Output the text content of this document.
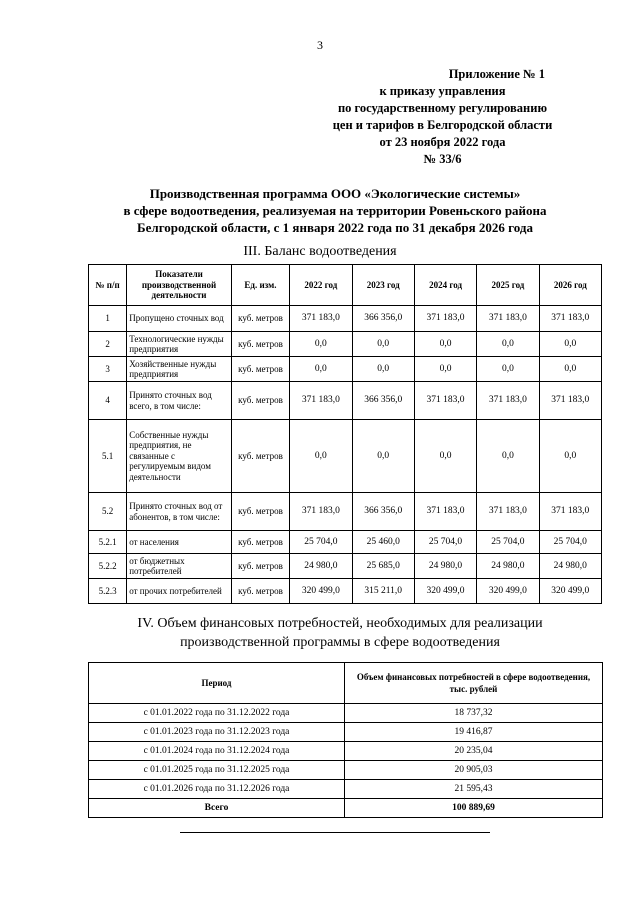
3
Приложение № 1
к приказу управления
по государственному регулированию
цен и тарифов в Белгородской области
от 23 ноября 2022 года
№ 33/6
Производственная программа ООО «Экологические системы»
в сфере водоотведения, реализуемая на территории Ровеньского района
Белгородской области, с 1 января 2022 года по 31 декабря 2026 года
III. Баланс водоотведения
№ п/п	Показатели производственной деятельности	Ед. изм.	2022 год	2023 год	2024 год	2025 год	2026 год
1	Пропущено сточных вод	куб. метров	371 183,0	366 356,0	371 183,0	371 183,0	371 183,0
2	Технологические нужды предприятия	куб. метров	0,0	0,0	0,0	0,0	0,0
3	Хозяйственные нужды предприятия	куб. метров	0,0	0,0	0,0	0,0	0,0
4	Принято сточных вод всего, в том числе:	куб. метров	371 183,0	366 356,0	371 183,0	371 183,0	371 183,0
5.1	Собственные нужды предприятия, не связанные с регулируемым видом деятельности	куб. метров	0,0	0,0	0,0	0,0	0,0
5.2	Принято сточных вод от абонентов, в том числе:	куб. метров	371 183,0	366 356,0	371 183,0	371 183,0	371 183,0
5.2.1	от населения	куб. метров	25 704,0	25 460,0	25 704,0	25 704,0	25 704,0
5.2.2	от бюджетных потребителей	куб. метров	24 980,0	25 685,0	24 980,0	24 980,0	24 980,0
5.2.3	от прочих потребителей	куб. метров	320 499,0	315 211,0	320 499,0	320 499,0	320 499,0
IV. Объем финансовых потребностей, необходимых для реализации
производственной программы в сфере водоотведения
Период	Объем финансовых потребностей в сфере водоотведения, тыс. рублей
с 01.01.2022 года по 31.12.2022 года	18 737,32
с 01.01.2023 года по 31.12.2023 года	19 416,87
с 01.01.2024 года по 31.12.2024 года	20 235,04
с 01.01.2025 года по 31.12.2025 года	20 905,03
с 01.01.2026 года по 31.12.2026 года	21 595,43
Всего	100 889,69
